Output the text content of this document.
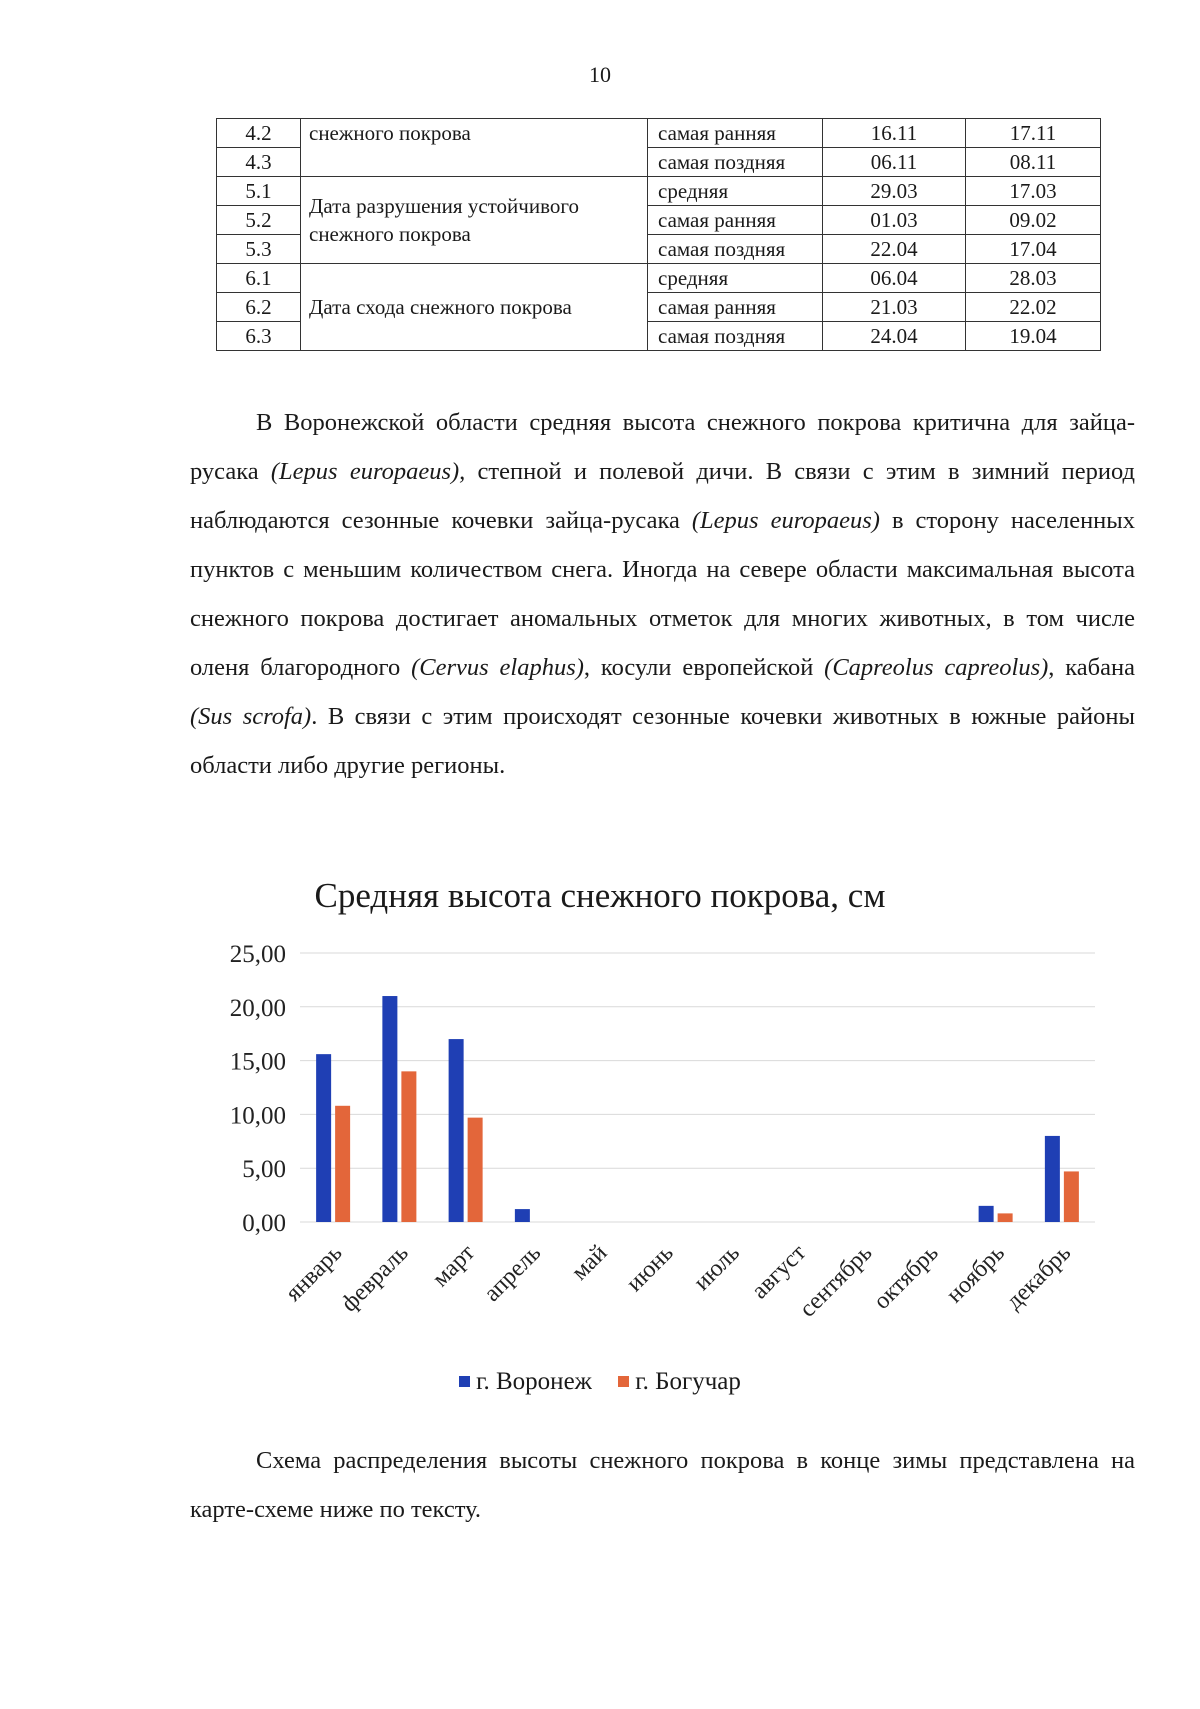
10
4.2	снежного покрова	самая ранняя	16.11	17.11
4.3		самая поздняя	06.11	08.11
5.1	Дата разрушения устойчивого снежного покрова	средняя	29.03	17.03
5.2		самая ранняя	01.03	09.02
5.3		самая поздняя	22.04	17.04
6.1	Дата схода снежного покрова	средняя	06.04	28.03
6.2		самая ранняя	21.03	22.02
6.3		самая поздняя	24.04	19.04

В Воронежской области средняя высота снежного покрова критична для зайца-русака (Lepus europaeus), степной и полевой дичи. В связи с этим в зимний период наблюдаются сезонные кочевки зайца-русака (Lepus europaeus) в сторону населенных пунктов с меньшим количеством снега. Иногда на севере области максимальная высота снежного покрова достигает аномальных отметок для многих животных, в том числе оленя благородного (Cervus elaphus), косули европейской (Capreolus capreolus), кабана (Sus scrofa). В связи с этим происходят сезонные кочевки животных в южные районы области либо другие регионы.

Средняя высота снежного покрова, см
0,00
5,00
10,00
15,00
20,00
25,00
январь
февраль март апрель май июнь июль август
сентябрь
октябрь
ноябрь
декабрь
г. Воронеж г. Богучар

Схема распределения высоты снежного покрова в конце зимы представлена на карте-схеме ниже по тексту.
